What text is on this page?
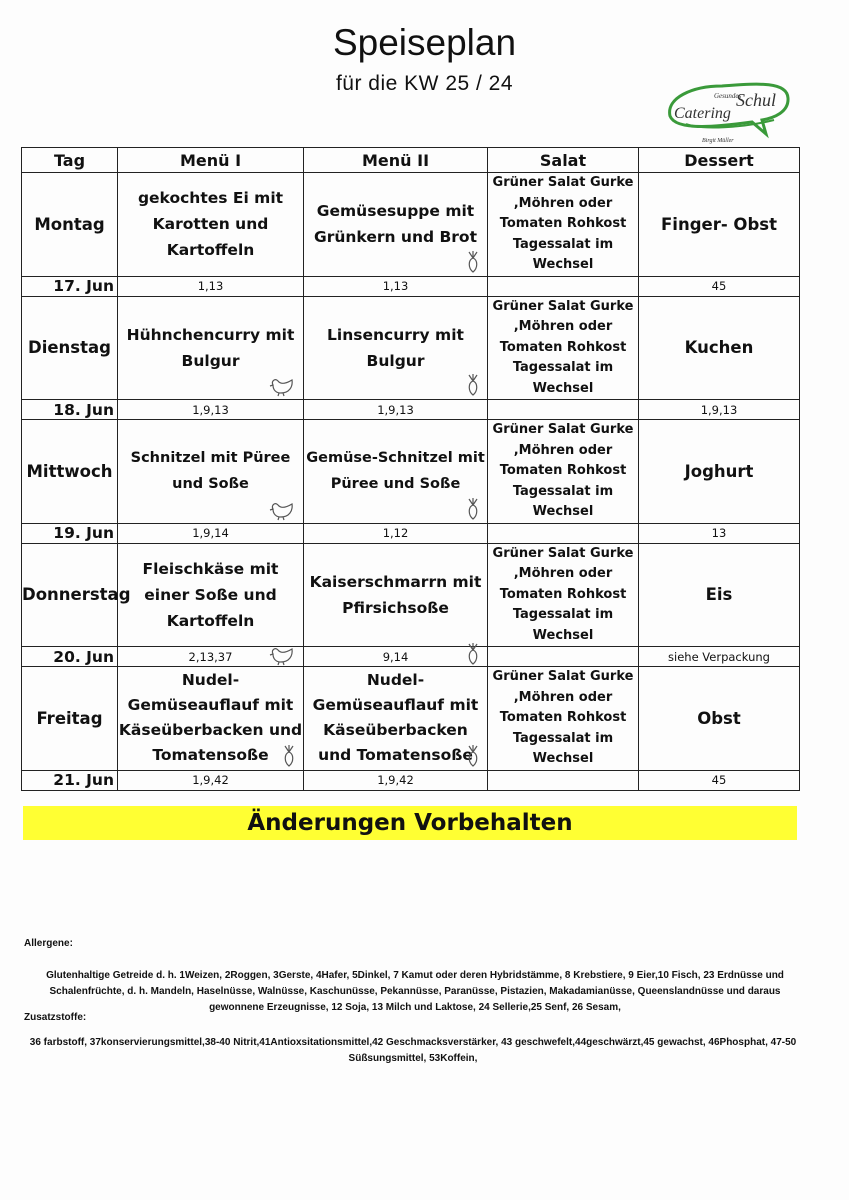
Speiseplan
für die KW 25 / 24
Gesundes
Schul
Catering
Birgit Müller
Tag	Menü I	Menü II	Salat	Dessert
Montag	gekochtes Ei mit Karotten und Kartoffeln	Gemüsesuppe mit Grünkern und Brot	Grüner Salat Gurke ,Möhren oder Tomaten Rohkost Tagessalat im Wechsel	Finger- Obst
17. Jun	1,13	1,13		45
Dienstag	Hühnchencurry mit Bulgur	Linsencurry mit Bulgur	Grüner Salat Gurke ,Möhren oder Tomaten Rohkost Tagessalat im Wechsel	Kuchen
18. Jun	1,9,13	1,9,13		1,9,13
Mittwoch	Schnitzel mit Püree und Soße	Gemüse-Schnitzel mit Püree und Soße	Grüner Salat Gurke ,Möhren oder Tomaten Rohkost Tagessalat im Wechsel	Joghurt
19. Jun	1,9,14	1,12		13
Donnerstag	Fleischkäse mit einer Soße und Kartoffeln	Kaiserschmarrn mit Pfirsichsoße	Grüner Salat Gurke ,Möhren oder Tomaten Rohkost Tagessalat im Wechsel	Eis
20. Jun	2,13,37	9,14		siehe Verpackung
Freitag	Nudel-Gemüseauflauf mit Käseüberbacken und Tomatensoße	Nudel-Gemüseauflauf mit Käseüberbacken und Tomatensoße	Grüner Salat Gurke ,Möhren oder Tomaten Rohkost Tagessalat im Wechsel	Obst
21. Jun	1,9,42	1,9,42		45
Änderungen Vorbehalten
Allergene:
Glutenhaltige Getreide d. h. 1Weizen, 2Roggen, 3Gerste, 4Hafer, 5Dinkel, 7 Kamut oder deren Hybridstämme, 8 Krebstiere, 9 Eier,10 Fisch, 23 Erdnüsse und Schalenfrüchte, d. h. Mandeln, Haselnüsse, Walnüsse, Kaschunüsse, Pekannüsse, Paranüsse, Pistazien, Makadamianüsse, Queenslandnüsse und daraus gewonnene Erzeugnisse, 12 Soja, 13 Milch und Laktose, 24 Sellerie,25 Senf, 26 Sesam,
Zusatzstoffe:
36 farbstoff, 37konservierungsmittel,38-40 Nitrit,41Antioxsitationsmittel,42 Geschmacksverstärker, 43 geschwefelt,44geschwärzt,45 gewachst, 46Phosphat, 47-50 Süßsungsmittel, 53Koffein,
